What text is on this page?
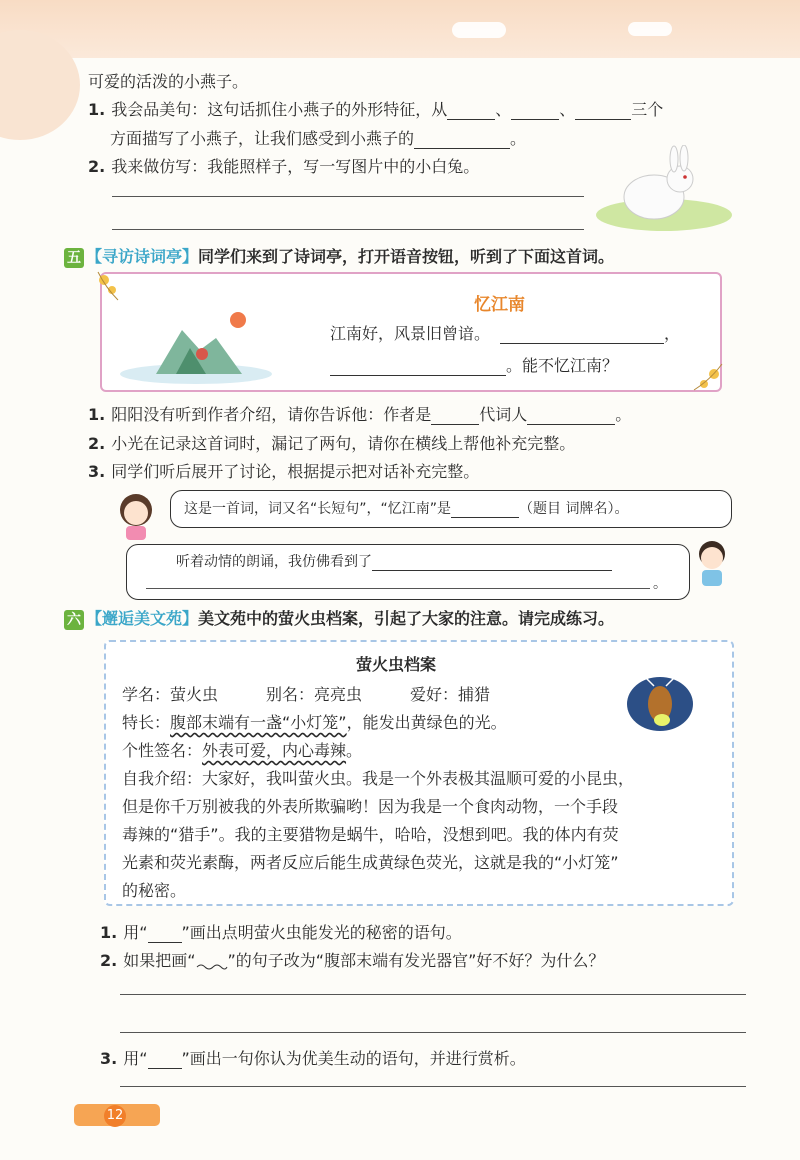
可爱的活泼的小燕子。
1. 我会品美句：这句话抓住小燕子的外形特征，从	、	、	三个
方面描写了小燕子，让我们感受到小燕子的	。
2. 我来做仿写：我能照样子，写一写图片中的小白兔。
五 【寻访诗词亭】同学们来到了诗词亭，打开语音按钮，听到了下面这首词。
忆江南
江南好，风景旧曾谙。	，
。能不忆江南？
1. 阳阳没有听到作者介绍，请你告诉他：作者是	代词人	。
2. 小光在记录这首词时，漏记了两句，请你在横线上帮他补充完整。
3. 同学们听后展开了讨论，根据提示把对话补充完整。
这是一首词，词又名“长短句”，“忆江南”是	（题目 词牌名）。
听着动情的朗诵，我仿佛看到了
。
六 【邂逅美文苑】美文苑中的萤火虫档案，引起了大家的注意。请完成练习。
萤火虫档案
学名：萤火虫	别名：亮亮虫	爱好：捕猎
特长：腹部末端有一盏“小灯笼”，能发出黄绿色的光。
个性签名：外表可爱，内心毒辣。
自我介绍：大家好，我叫萤火虫。我是一个外表极其温顺可爱的小昆虫，
但是你千万别被我的外表所欺骗哟！因为我是一个食肉动物，一个手段
毒辣的“猎手”。我的主要猎物是蜗牛，哈哈，没想到吧。我的体内有荧
光素和荧光素酶，两者反应后能生成黄绿色荧光，这就是我的“小灯笼”
的秘密。
1. 用“ ”画出点明萤火虫能发光的秘密的语句。
2. 如果把画“ ”的句子改为“腹部末端有发光器官”好不好？为什么？
3. 用“ ”画出一句你认为优美生动的语句，并进行赏析。
12
